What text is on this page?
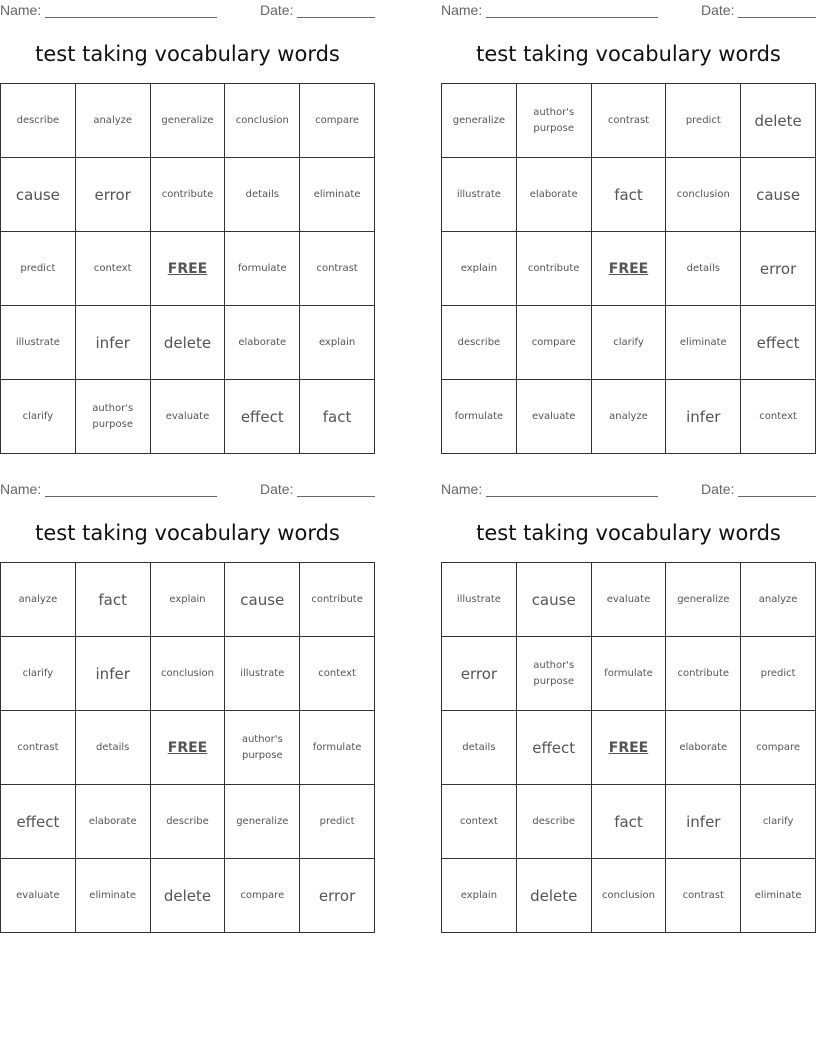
Name:	Date:
test taking vocabulary words
describe	analyze	generalize	conclusion	compare
cause	error	contribute	details	eliminate
predict	context	FREE	formulate	contrast
illustrate	infer	delete	elaborate	explain
clarify	author's purpose	evaluate	effect	fact
Name:	Date:
test taking vocabulary words
generalize	author's purpose	contrast	predict	delete
illustrate	elaborate	fact	conclusion	cause
explain	contribute	FREE	details	error
describe	compare	clarify	eliminate	effect
formulate	evaluate	analyze	infer	context
Name:	Date:
test taking vocabulary words
analyze	fact	explain	cause	contribute
clarify	infer	conclusion	illustrate	context
contrast	details	FREE	author's purpose	formulate
effect	elaborate	describe	generalize	predict
evaluate	eliminate	delete	compare	error
Name:	Date:
test taking vocabulary words
illustrate	cause	evaluate	generalize	analyze
error	author's purpose	formulate	contribute	predict
details	effect	FREE	elaborate	compare
context	describe	fact	infer	clarify
explain	delete	conclusion	contrast	eliminate
